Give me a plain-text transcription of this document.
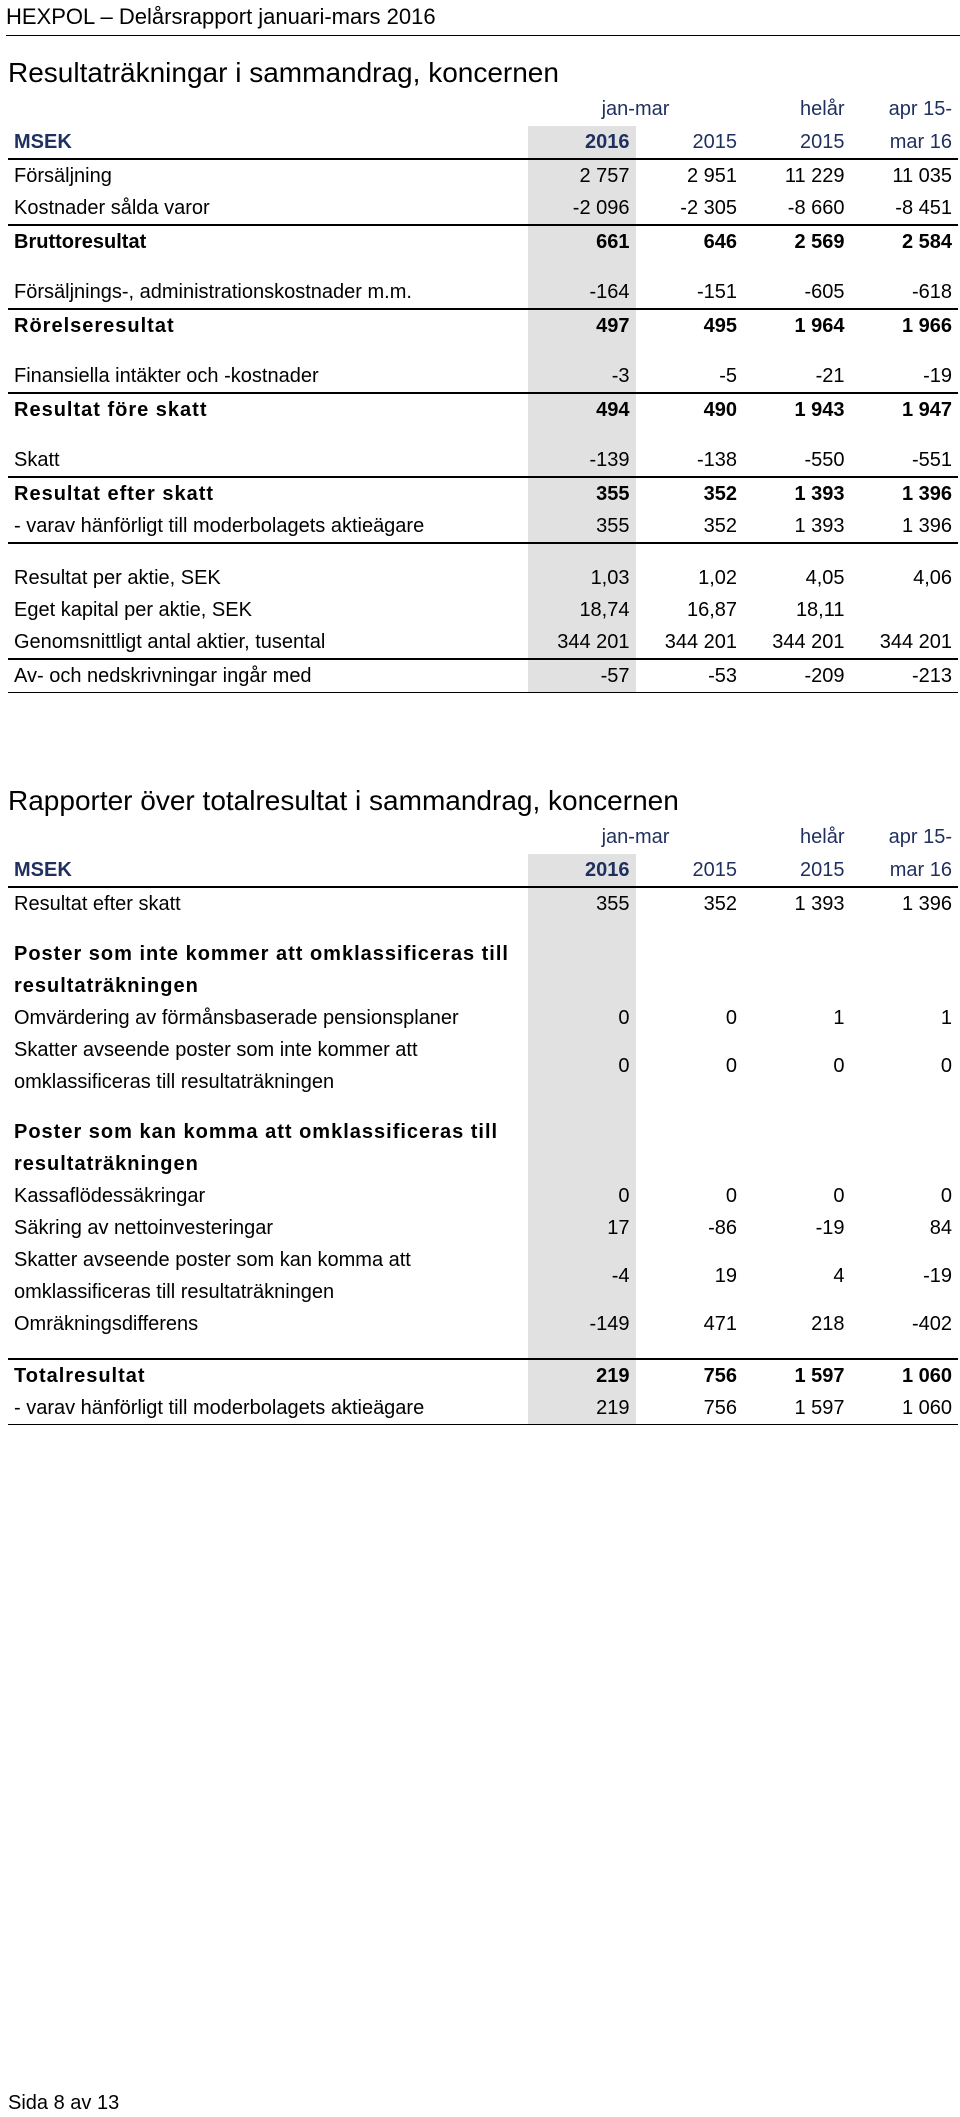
HEXPOL – Delårsrapport januari-mars 2016
Resultaträkningar i sammandrag, koncernen
	jan-mar		helår	apr 15-
MSEK	2016	2015	2015	mar 16
Försäljning	2 757	2 951	11 229	11 035
Kostnader sålda varor	-2 096	-2 305	-8 660	-8 451
Bruttoresultat	661	646	2 569	2 584

Försäljnings-, administrationskostnader m.m.	-164	-151	-605	-618
Rörelseresultat	497	495	1 964	1 966

Finansiella intäkter och -kostnader	-3	-5	-21	-19
Resultat före skatt	494	490	1 943	1 947

Skatt	-139	-138	-550	-551
Resultat efter skatt	355	352	1 393	1 396
- varav hänförligt till moderbolagets aktieägare	355	352	1 393	1 396

Resultat per aktie, SEK	1,03	1,02	4,05	4,06
Eget kapital per aktie, SEK	18,74	16,87	18,11	
Genomsnittligt antal aktier, tusental	344 201	344 201	344 201	344 201
Av- och nedskrivningar ingår med	-57	-53	-209	-213
Rapporter över totalresultat i sammandrag, koncernen
	jan-mar		helår	apr 15-
MSEK	2016	2015	2015	mar 16
Resultat efter skatt	355	352	1 393	1 396

Poster som inte kommer att omklassificeras till resultaträkningen				
Omvärdering av förmånsbaserade pensionsplaner	0	0	1	1
Skatter avseende poster som inte kommer att omklassificeras till resultaträkningen	0	0	0	0

Poster som kan komma att omklassificeras till resultaträkningen				
Kassaflödessäkringar	0	0	0	0
Säkring av nettoinvesteringar	17	-86	-19	84
Skatter avseende poster som kan komma att omklassificeras till resultaträkningen	-4	19	4	-19
Omräkningsdifferens	-149	471	218	-402

Totalresultat	219	756	1 597	1 060
- varav hänförligt till moderbolagets aktieägare	219	756	1 597	1 060
Sida 8 av 13
